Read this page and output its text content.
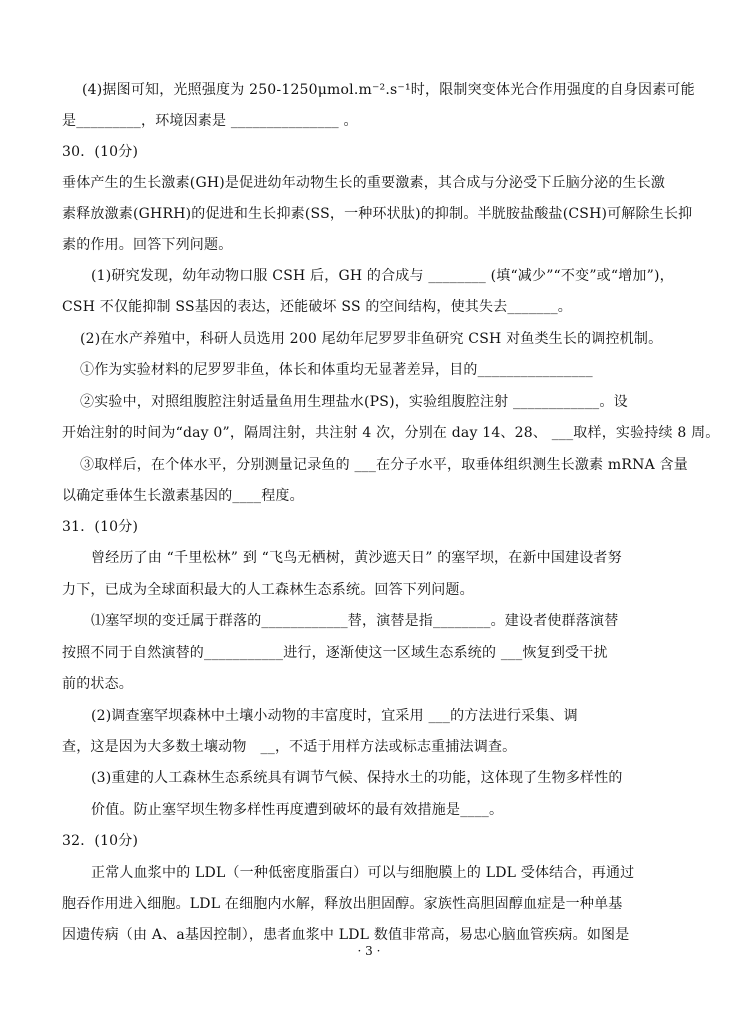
(4)据图可知，光照强度为 250-1250μmol.m⁻².s⁻¹时，限制突变体光合作用强度的自身因素可能
是_________，环境因素是 _______________ 。
30．(10分)
垂体产生的生长激素(GH)是促进幼年动物生长的重要激素，其合成与分泌受下丘脑分泌的生长激
素释放激素(GHRH)的促进和生长抑素(SS，一种环状肽)的抑制。半胱胺盐酸盐(CSH)可解除生长抑
素的作用。回答下列问题。
(1)研究发现，幼年动物口服 CSH 后，GH 的合成与 ________ (填“减少”“不变”或“增加”)，
CSH 不仅能抑制 SS基因的表达，还能破坏 SS 的空间结构，使其失去_______。
(2)在水产养殖中，科研人员选用 200 尾幼年尼罗罗非鱼研究 CSH 对鱼类生长的调控机制。
①作为实验材料的尼罗罗非鱼，体长和体重均无显著差异，目的________________
②实验中，对照组腹腔注射适量鱼用生理盐水(PS)，实验组腹腔注射 ____________。设
开始注射的时间为“day 0”，隔周注射，共注射 4 次，分别在 day 14、28、 ___取样，实验持续 8 周。
③取样后，在个体水平，分别测量记录鱼的 ___在分子水平，取垂体组织测生长激素 mRNA 含量
以确定垂体生长激素基因的____程度。
31．(10分)
曾经历了由 “千里松林” 到 “飞鸟无栖树，黄沙遮天日” 的塞罕坝，在新中国建设者努
力下，已成为全球面积最大的人工森林生态系统。回答下列问题。
⑴塞罕坝的变迁属于群落的____________替，演替是指________。建设者使群落演替
按照不同于自然演替的___________进行，逐渐使这一区域生态系统的 ___恢复到受干扰
前的状态。
(2)调查塞罕坝森林中土壤小动物的丰富度时，宜采用 ___的方法进行采集、调
查，这是因为大多数土壤动物   __，不适于用样方法或标志重捕法调查。
(3)重建的人工森林生态系统具有调节气候、保持水土的功能，这体现了生物多样性的
价值。防止塞罕坝生物多样性再度遭到破坏的最有效措施是____。
32．(10分)
正常人血浆中的 LDL（一种低密度脂蛋白）可以与细胞膜上的 LDL 受体结合，再通过
胞吞作用进入细胞。LDL 在细胞内水解，释放出胆固醇。家族性高胆固醇血症是一种单基
因遗传病（由 A、a基因控制），患者血浆中 LDL 数值非常高，易忠心脑血管疾病。如图是
· 3 ·
